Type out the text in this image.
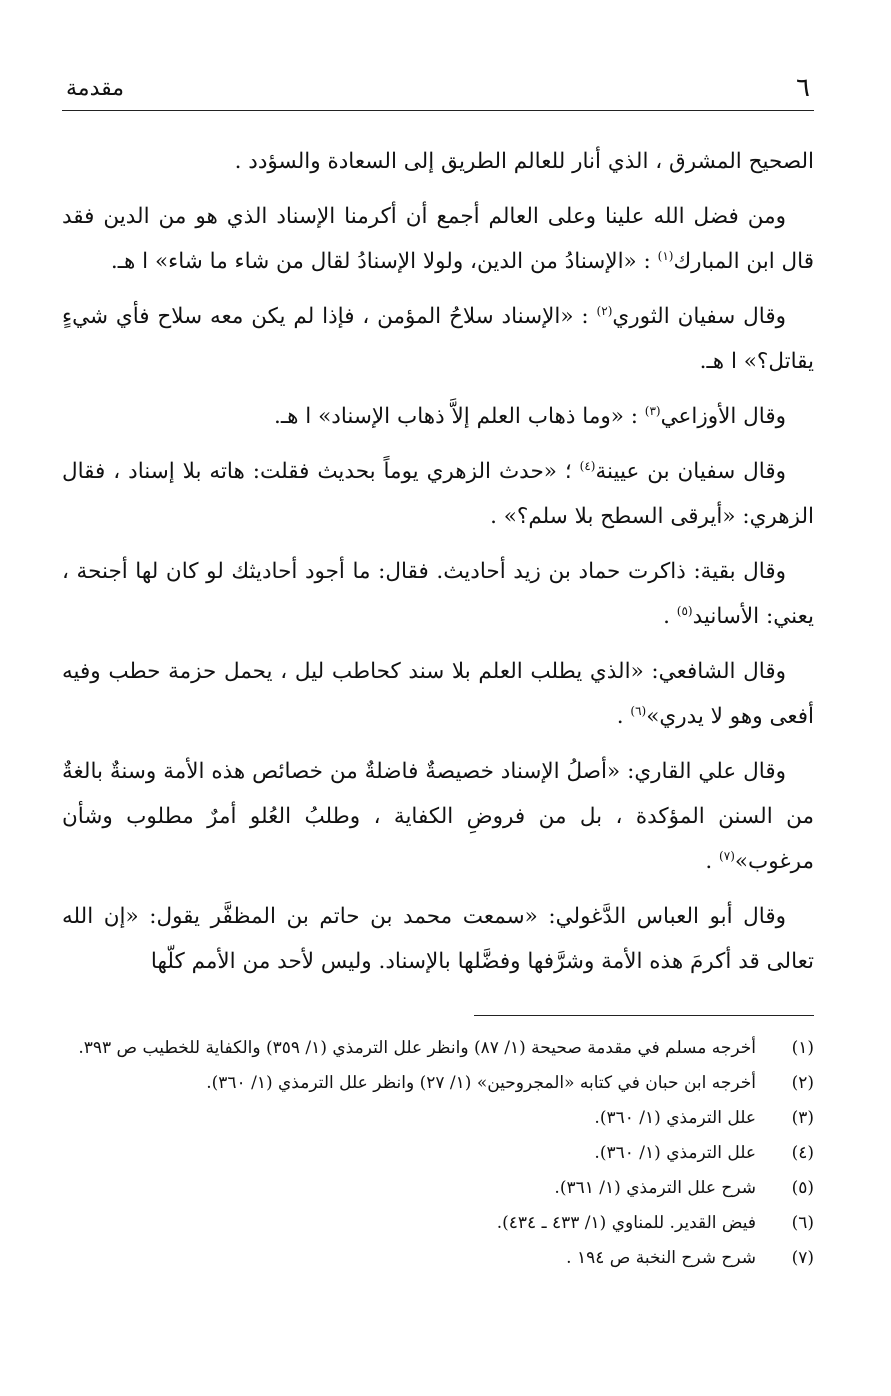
٦
مقدمة

الصحيح المشرق ، الذي أنار للعالم الطريق إلى السعادة والسؤدد .

ومن فضل الله علينا وعلى العالم أجمع أن أكرمنا الإسناد الذي هو من الدين فقد قال ابن المبارك$^{(١)}$ : «الإسنادُ من الدين، ولولا الإسنادُ لقال من شاء ما شاء» ا هـ.

وقال سفيان الثوري$^{(٢)}$ : «الإسناد سلاحُ المؤمن ، فإذا لم يكن معه سلاح فأي شيءٍ يقاتل؟» ا هـ.

وقال الأوزاعي$^{(٣)}$ : «وما ذهاب العلم إلاَّ ذهاب الإسناد» ا هـ.

وقال سفيان بن عيينة$^{(٤)}$ ؛ «حدث الزهري يوماً بحديث فقلت: هاته بلا إسناد ، فقال الزهري: «أيرقى السطح بلا سلم؟» .

وقال بقية: ذاكرت حماد بن زيد أحاديث. فقال: ما أجود أحاديثك لو كان لها أجنحة ، يعني: الأسانيد$^{(٥)}$ .

وقال الشافعي: «الذي يطلب العلم بلا سند كحاطب ليل ، يحمل حزمة حطب وفيه أفعى وهو لا يدري»$^{(٦)}$ .

وقال علي القاري: «أصلُ الإسناد خصيصةٌ فاضلةٌ من خصائص هذه الأمة وسنةٌ بالغةٌ من السنن المؤكدة ، بل من فروضِ الكفاية ، وطلبُ العُلو أمرٌ مطلوب وشأن مرغوب»$^{(٧)}$ .

وقال أبو العباس الدَّغولي: «سمعت محمد بن حاتم بن المظفَّر يقول: «إن الله تعالى قد أكرمَ هذه الأمة وشرَّفها وفضَّلها بالإسناد. وليس لأحد من الأمم كلّها

(١)
أخرجه مسلم في مقدمة صحيحة (١/ ٨٧) وانظر علل الترمذي (١/ ٣٥٩) والكفاية للخطيب ص ٣٩٣.
(٢)
أخرجه ابن حبان في كتابه «المجروحين» (١/ ٢٧) وانظر علل الترمذي (١/ ٣٦٠).
(٣)
علل الترمذي (١/ ٣٦٠).
(٤)
علل الترمذي (١/ ٣٦٠).
(٥)
شرح علل الترمذي (١/ ٣٦١).
(٦)
فيض القدير. للمناوي (١/ ٤٣٣ ـ ٤٣٤).
(٧)
شرح شرح النخبة ص ١٩٤ .
